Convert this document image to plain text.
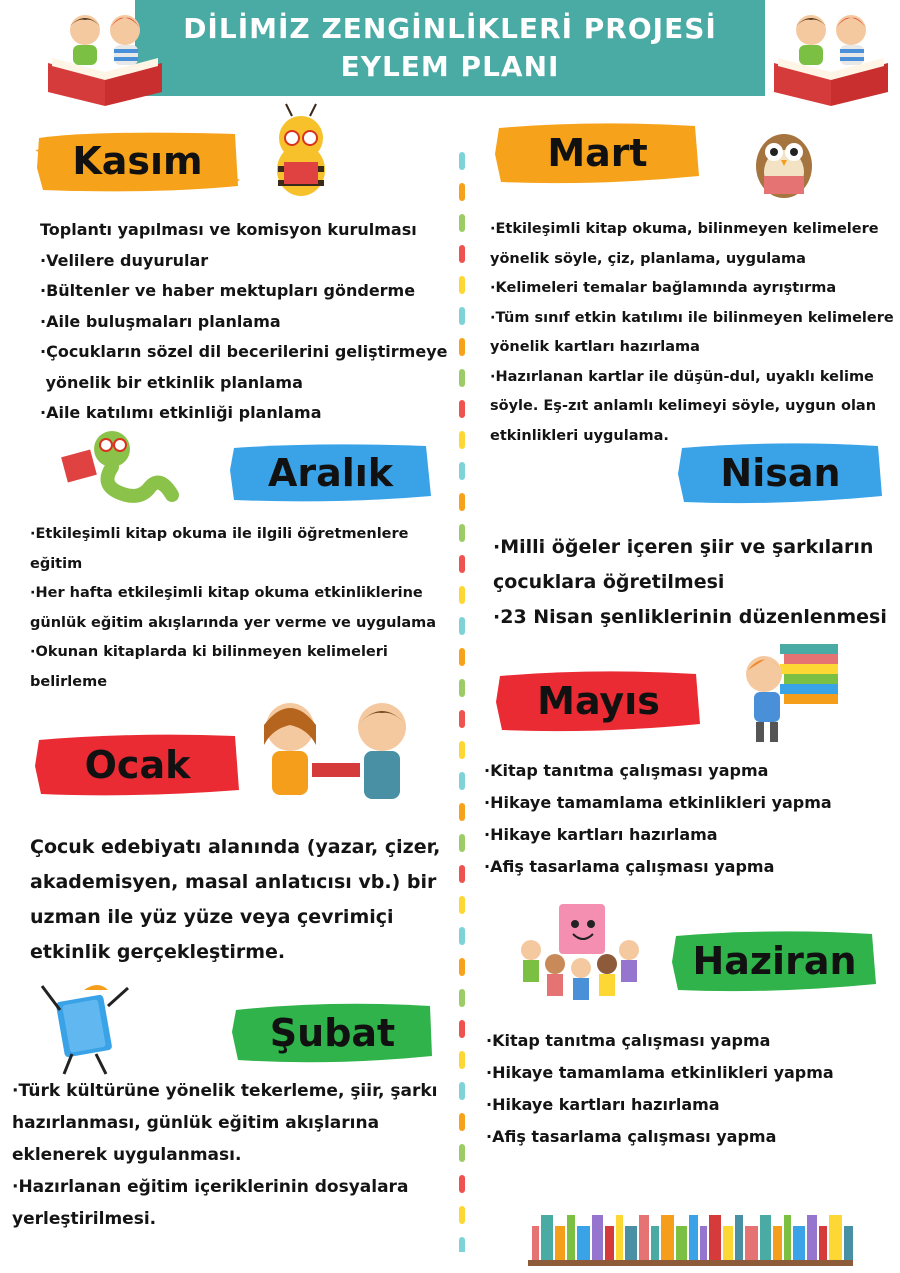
DİLİMİZ ZENGİNLİKLERİ PROJESİ
EYLEM PLANI
Kasım
Toplantı yapılması ve komisyon kurulması
·Velilere duyurular
·Bültenler ve haber mektupları gönderme
·Aile buluşmaları planlama
·Çocukların sözel dil becerilerini geliştirmeye
yönelik bir etkinlik planlama
·Aile katılımı etkinliği planlama
Aralık
·Etkileşimli kitap okuma ile ilgili öğretmenlere
eğitim
·Her hafta etkileşimli kitap okuma etkinliklerine
günlük eğitim akışlarında yer verme ve uygulama
·Okunan kitaplarda ki bilinmeyen kelimeleri
belirleme
Ocak
Çocuk edebiyatı alanında (yazar, çizer,
akademisyen, masal anlatıcısı vb.) bir
uzman ile yüz yüze veya çevrimiçi
etkinlik gerçekleştirme.
Şubat
·Türk kültürüne yönelik tekerleme, şiir, şarkı
hazırlanması, günlük eğitim akışlarına
eklenerek uygulanması.
·Hazırlanan eğitim içeriklerinin dosyalara
yerleştirilmesi.
Mart
·Etkileşimli kitap okuma, bilinmeyen kelimelere
yönelik söyle, çiz, planlama, uygulama
·Kelimeleri temalar bağlamında ayrıştırma
·Tüm sınıf etkin katılımı ile bilinmeyen kelimelere
yönelik kartları hazırlama
·Hazırlanan kartlar ile düşün-dul, uyaklı kelime
söyle. Eş-zıt anlamlı kelimeyi söyle, uygun olan
etkinlikleri uygulama.
Nisan
·Milli öğeler içeren şiir ve şarkıların
çocuklara öğretilmesi
·23 Nisan şenliklerinin düzenlenmesi
Mayıs
·Kitap tanıtma çalışması yapma
·Hikaye tamamlama etkinlikleri yapma
·Hikaye kartları hazırlama
·Afiş tasarlama çalışması yapma
Haziran
·Kitap tanıtma çalışması yapma
·Hikaye tamamlama etkinlikleri yapma
·Hikaye kartları hazırlama
·Afiş tasarlama çalışması yapma
